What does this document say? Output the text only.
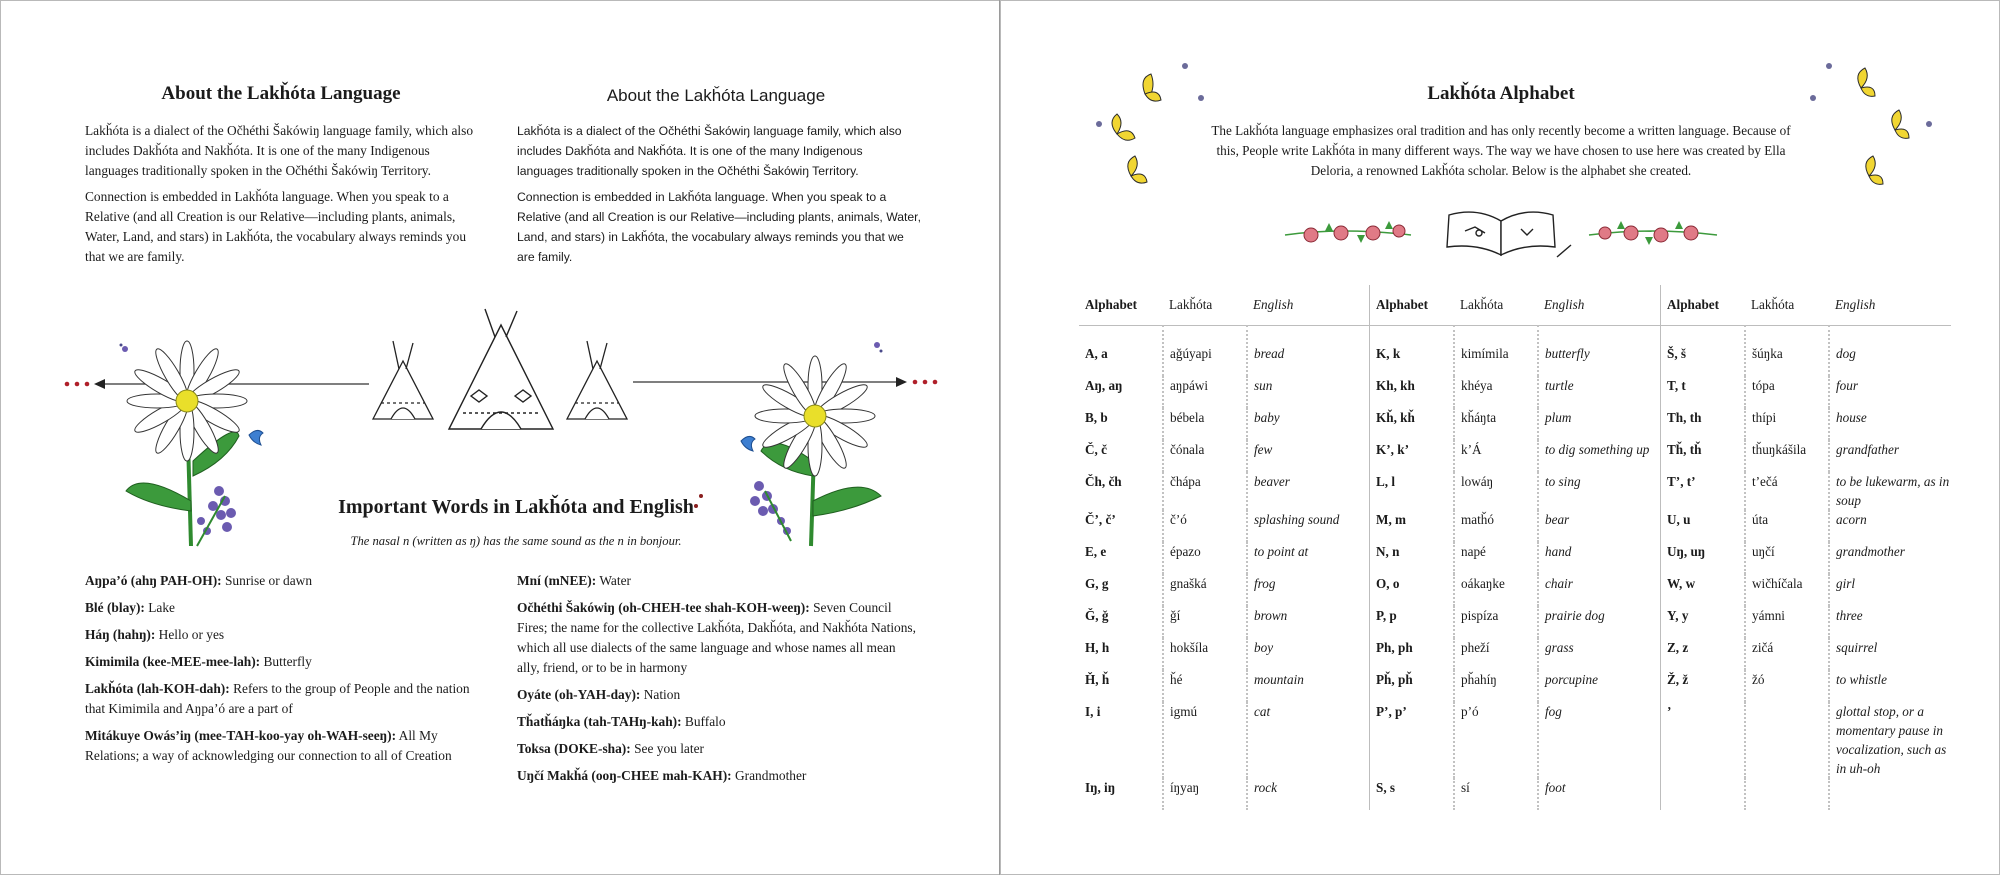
About the Lakȟóta Language

Lakȟóta is a dialect of the Očhéthi Šakówiŋ language family, which also includes Dakȟóta and Nakȟóta. It is one of the many Indigenous languages traditionally spoken in the Očhéthi Šakówiŋ Territory.

Connection is embedded in Lakȟóta language. When you speak to a Relative (and all Creation is our Relative—including plants, animals, Water, Land, and stars) in Lakȟóta, the vocabulary always reminds you that we are family.

About the Lakȟóta Language

Lakȟóta is a dialect of the Očhéthi Šakówiŋ language family, which also includes Dakȟóta and Nakȟóta. It is one of the many Indigenous languages traditionally spoken in the Očhéthi Šakówiŋ Territory.

Connection is embedded in Lakȟóta language. When you speak to a Relative (and all Creation is our Relative—including plants, animals, Water, Land, and stars) in Lakȟóta, the vocabulary always reminds you that we are family.

Important Words in Lakȟóta and English
The nasal n (written as ŋ) has the same sound as the n in bonjour.
Aŋpa’ó (ahŋ PAH-OH): Sunrise or dawn
Blé (blay): Lake
Háŋ (hahŋ): Hello or yes
Kimimila (kee-MEE-mee-lah): Butterfly
Lakȟóta (lah-KOH-dah): Refers to the group of People and the nation that Kimimila and Aŋpa’ó are a part of
Mitákuye Owás’iŋ (mee-TAH-koo-yay oh-WAH-seeŋ): All My Relations; a way of acknowledging our connection to all of Creation
Mní (mNEE): Water
Očhéthi Šakówiŋ (oh-CHEH-tee shah-KOH-weeŋ): Seven Council Fires; the name for the collective Lakȟóta, Dakȟóta, and Nakȟóta Nations, which all use dialects of the same language and whose names all mean ally, friend, or to be in harmony
Oyáte (oh-YAH-day): Nation
Tȟatȟáŋka (tah-TAHŋ-kah): Buffalo
Toksa (DOKE-sha): See you later
Uŋčí Makȟá (ooŋ-CHEE mah-KAH): Grandmother
Lakȟóta Alphabet
The Lakȟóta language emphasizes oral tradition and has only recently become a written language. Because of this, People write Lakȟóta in many different ways. The way we have chosen to use here was created by Ella Deloria, a renowned Lakȟóta scholar. Below is the alphabet she created.
Alphabet	Lakȟóta	English	Alphabet	Lakȟóta	English	Alphabet	Lakȟóta	English
A, a	aǧúyapi	bread	K, k	kimímila	butterfly	Š, š	šúŋka	dog
Aŋ, aŋ	aŋpáwi	sun	Kh, kh	khéya	turtle	T, t	tópa	four
B, b	bébela	baby	Kȟ, kȟ	kȟáŋta	plum	Th, th	thípi	house
Č, č	čónala	few	K’, k’	k’Á	to dig something up	Tȟ, tȟ	tȟuŋkášila	grandfather
Čh, čh	čhápa	beaver	L, l	lowáŋ	to sing	T’, t’	t’ečá	to be lukewarm, as in soup
Č’, č’	č’ó	splashing sound	M, m	matȟó	bear	U, u	úta	acorn
E, e	épazo	to point at	N, n	napé	hand	Uŋ, uŋ	uŋčí	grandmother
G, g	gnašká	frog	O, o	oákaŋke	chair	W, w	wičhíčala	girl
Ǧ, ǧ	ǧí	brown	P, p	pispíza	prairie dog	Y, y	yámni	three
H, h	hokšíla	boy	Ph, ph	pheží	grass	Z, z	zičá	squirrel
Ȟ, ȟ	ȟé	mountain	Pȟ, pȟ	pȟahíŋ	porcupine	Ž, ž	žó	to whistle
I, i	igmú	cat	P’, p’	p’ó	fog	’		glottal stop, or a momentary pause in vocalization, such as in uh-oh
Iŋ, iŋ	íŋyaŋ	rock	S, s	sí	foot			
